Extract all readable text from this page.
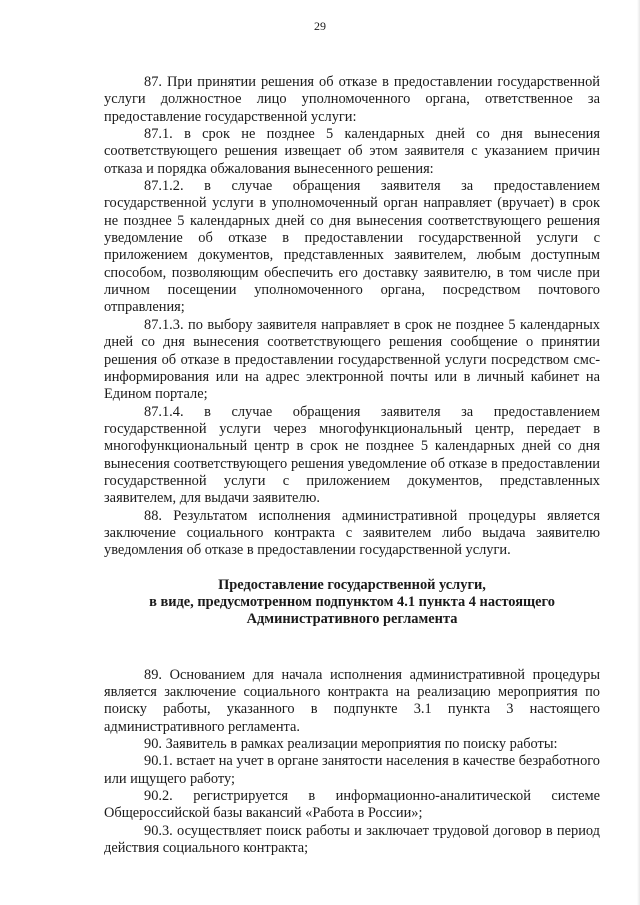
29

87. При принятии решения об отказе в предоставлении государственной услуги должностное лицо уполномоченного органа, ответственное за предоставление государственной услуги:

87.1. в срок не позднее 5 календарных дней со дня вынесения соответствующего решения извещает об этом заявителя с указанием причин отказа и порядка обжалования вынесенного решения:

87.1.2. в случае обращения заявителя за предоставлением государственной услуги в уполномоченный орган направляет (вручает) в срок не позднее 5 календарных дней со дня вынесения соответствующего решения уведомление об отказе в предоставлении государственной услуги с приложением документов, представленных заявителем, любым доступным способом, позволяющим обеспечить его доставку заявителю, в том числе при личном посещении уполномоченного органа, посредством почтового отправления;

87.1.3. по выбору заявителя направляет в срок не позднее 5 календарных дней со дня вынесения соответствующего решения сообщение о принятии решения об отказе в предоставлении государственной услуги посредством смс-информирования или на адрес электронной почты или в личный кабинет на Едином портале;

87.1.4. в случае обращения заявителя за предоставлением государственной услуги через многофункциональный центр, передает в многофункциональный центр в срок не позднее 5 календарных дней со дня вынесения соответствующего решения уведомление об отказе в предоставлении государственной услуги с приложением документов, представленных заявителем, для выдачи заявителю.

88. Результатом исполнения административной процедуры является заключение социального контракта с заявителем либо выдача заявителю уведомления об отказе в предоставлении государственной услуги.

Предоставление государственной услуги,
в виде, предусмотренном подпунктом 4.1 пункта 4 настоящего
Административного регламента

89. Основанием для начала исполнения административной процедуры является заключение социального контракта на реализацию мероприятия по поиску работы, указанного в подпункте 3.1 пункта 3 настоящего административного регламента.

90. Заявитель в рамках реализации мероприятия по поиску работы:

90.1. встает на учет в органе занятости населения в качестве безработного или ищущего работу;

90.2. регистрируется в информационно-аналитической системе Общероссийской базы вакансий «Работа в России»;

90.3. осуществляет поиск работы и заключает трудовой договор в период действия социального контракта;
